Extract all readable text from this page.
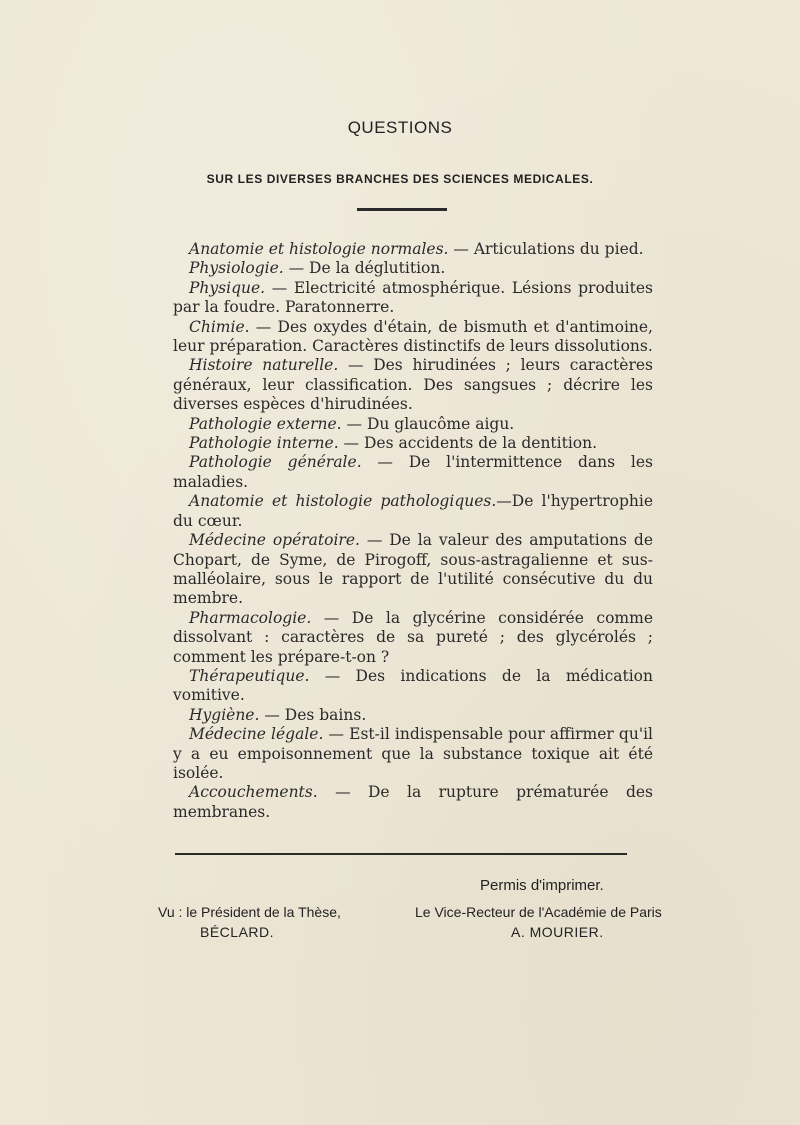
QUESTIONS
SUR LES DIVERSES BRANCHES DES SCIENCES MEDICALES.

Anatomie et histologie normales. — Articulations du pied.

Physiologie. — De la déglutition.

Physique. — Electricité atmosphérique. Lésions produites par la foudre. Paratonnerre.

Chimie. — Des oxydes d'étain, de bismuth et d'antimoine, leur préparation. Caractères distinctifs de leurs dissolutions.

Histoire naturelle. — Des hirudinées ; leurs caractères généraux, leur classification. Des sangsues ; décrire les diverses espèces d'hirudinées.

Pathologie externe. — Du glaucôme aigu.

Pathologie interne. — Des accidents de la dentition.

Pathologie générale. — De l'intermittence dans les maladies.

Anatomie et histologie pathologiques.—De l'hypertrophie du cœur.

Médecine opératoire. — De la valeur des amputations de Chopart, de Syme, de Pirogoff, sous-astragalienne et sus-malléolaire, sous le rapport de l'utilité consécutive du du membre.

Pharmacologie. — De la glycérine considérée comme dissolvant : caractères de sa pureté ; des glycérolés ; comment les prépare-t-on ?

Thérapeutique. — Des indications de la médication vomitive.

Hygiène. — Des bains.

Médecine légale. — Est-il indispensable pour affirmer qu'il y a eu empoisonnement que la substance toxique ait été isolée.

Accouchements. — De la rupture prématurée des membranes.

Permis d'imprimer.
Vu : le Président de la Thèse,
BÉCLARD.
Le Vice-Recteur de l'Académie de Paris
A. MOURIER.
